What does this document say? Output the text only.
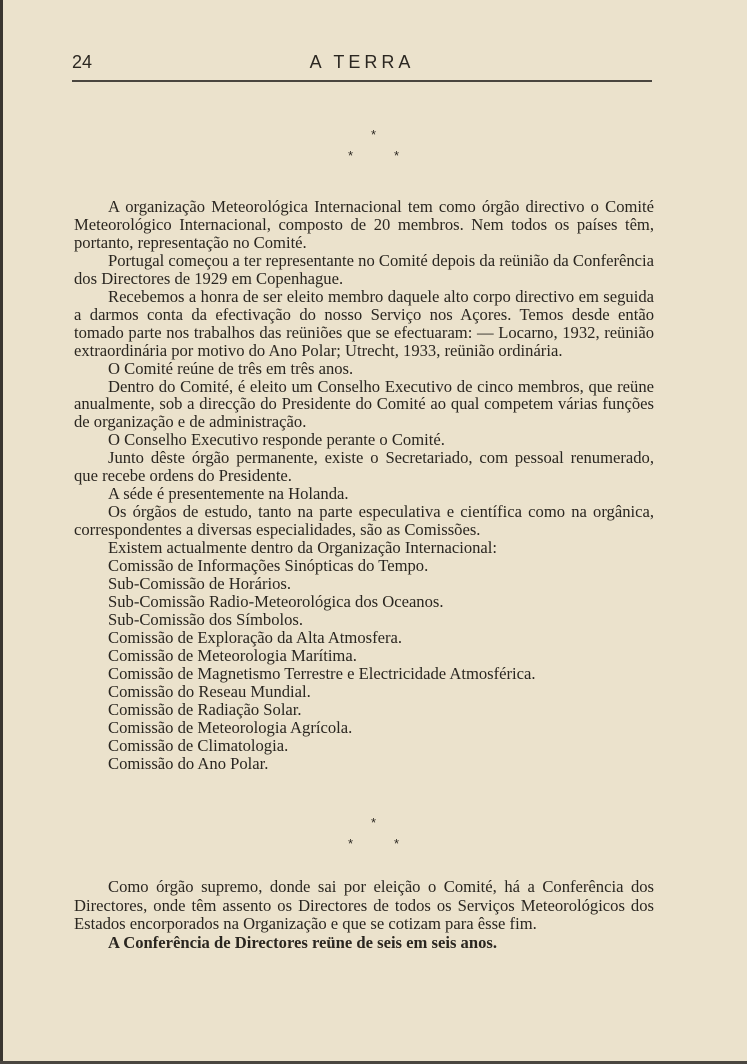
24	A TERRA
*
*	*

A organização Meteorológica Internacional tem como órgão directivo o Comité Meteorológico Internacional, composto de 20 membros. Nem todos os países têm, portanto, representação no Comité.

Portugal começou a ter representante no Comité depois da reünião da Conferência dos Directores de 1929 em Copenhague.

Recebemos a honra de ser eleito membro daquele alto corpo directivo em seguida a darmos conta da efectivação do nosso Serviço nos Açores. Temos desde então tomado parte nos trabalhos das reüniões que se efectuaram: — Locarno, 1932, reünião extraordinária por motivo do Ano Polar; Utrecht, 1933, reünião ordinária.

O Comité reúne de três em três anos.

Dentro do Comité, é eleito um Conselho Executivo de cinco membros, que reüne anualmente, sob a direcção do Presidente do Comité ao qual competem várias funções de organização e de administração.

O Conselho Executivo responde perante o Comité.

Junto dêste órgão permanente, existe o Secretariado, com pessoal renumerado, que recebe ordens do Presidente.

A séde é presentemente na Holanda.

Os órgãos de estudo, tanto na parte especulativa e científica como na orgânica, correspondentes a diversas especialidades, são as Comissões.

Existem actualmente dentro da Organização Internacional:

Comissão de Informações Sinópticas do Tempo.
Sub-Comissão de Horários.
Sub-Comissão Radio-Meteorológica dos Oceanos.
Sub-Comissão dos Símbolos.
Comissão de Exploração da Alta Atmosfera.
Comissão de Meteorologia Marítima.
Comissão de Magnetismo Terrestre e Electricidade Atmosférica.
Comissão do Reseau Mundial.
Comissão de Radiação Solar.
Comissão de Meteorologia Agrícola.
Comissão de Climatologia.
Comissão do Ano Polar.
*
*	*

Como órgão supremo, donde sai por eleição o Comité, há a Conferência dos Directores, onde têm assento os Directores de todos os Serviços Meteorológicos dos Estados encorporados na Organização e que se cotizam para êsse fim.

A Conferência de Directores reüne de seis em seis anos.
